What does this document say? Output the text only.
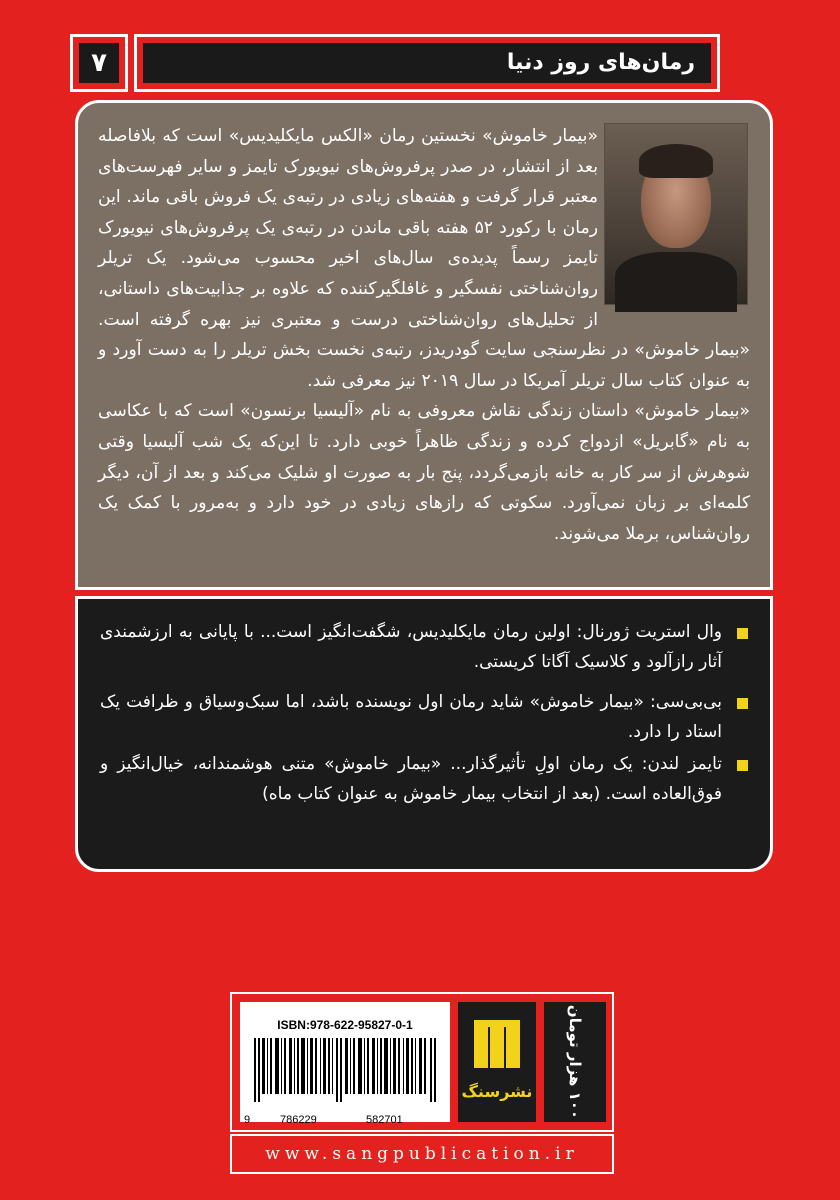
رمان‌های روز دنیا
۷

«بیمار خاموش» نخستین رمان «الکس مایکلیدیس» است که بلافاصله بعد از انتشار، در صدر پرفروش‌های نیویورک تایمز و سایر فهرست‌های معتبر قرار گرفت و هفته‌های زیادی در رتبه‌ی یک فروش باقی ماند. این رمان با رکورد ۵۲ هفته باقی ماندن در رتبه‌ی یک پرفروش‌های نیویورک تایمز رسماً پدیده‌ی سال‌های اخیر محسوب می‌شود. یک تریلر روان‌شناختی نفسگیر و غافلگیرکننده که علاوه بر جذابیت‌های داستانی، از تحلیل‌های روان‌شناختی درست و معتبری نیز بهره گرفته است. «بیمار خاموش» در نظرسنجی سایت گودریدز، رتبه‌ی نخست بخش تریلر را به دست آورد و به عنوان کتاب سال تریلر آمریکا در سال ۲۰۱۹ نیز معرفی شد.

«بیمار خاموش» داستان زندگی نقاش معروفی به نام «آلیسیا برنسون» است که با عکاسی به نام «گابریل» ازدواج کرده و زندگی ظاهراً خوبی دارد. تا این‌که یک شب آلیسیا وقتی شوهرش از سر کار به خانه بازمی‌گردد، پنج بار به صورت او شلیک می‌کند و بعد از آن، دیگر کلمه‌ای بر زبان نمی‌آورد. سکوتی که رازهای زیادی در خود دارد و به‌مرور با کمک یک روان‌شناس، برملا می‌شوند.

وال استریت ژورنال: اولین رمان مایکلیدیس، شگفت‌انگیز است... با پایانی به ارزشمندی آثار رازآلود و کلاسیک آگاتا کریستی.
بی‌بی‌سی: «بیمار خاموش» شاید رمان اول نویسنده باشد، اما سبک‌وسیاق و ظرافت یک استاد را دارد.
تایمز لندن: یک رمان اولِ تأثیرگذار... «بیمار خاموش» متنی هوشمندانه، خیال‌انگیز و فوق‌العاده است. (بعد از انتخاب بیمار خاموش به عنوان کتاب ماه)
ISBN:978-622-95827-0-1
9	786229	582701
نشرسنگ ۱۰۰ هزار تومان
www.sangpublication.ir
